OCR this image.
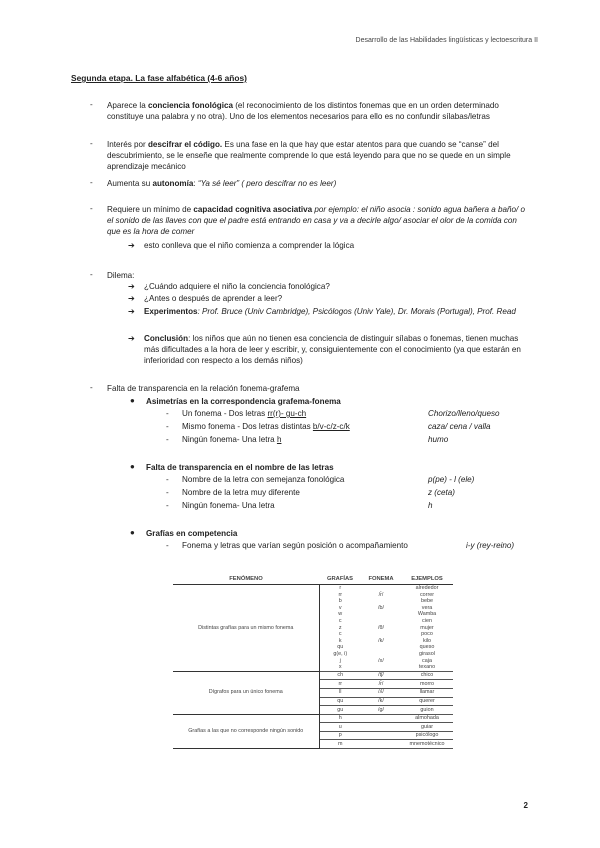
Desarrollo de las Habilidades lingüísticas y lectoescritura II
Segunda etapa. La fase alfabética (4-6 años)
- Aparece la conciencia fonológica (el reconocimiento de los distintos fonemas que en un orden determinado constituye una palabra y no otra). Uno de los elementos necesarios para ello es no confundir sílabas/letras
- Interés por descifrar el código. Es una fase en la que hay que estar atentos para que cuando se “canse” del descubrimiento, se le enseñe que realmente comprende lo que está leyendo para que no se quede en un simple aprendizaje mecánico
- Aumenta su autonomía: “Ya sé leer” ( pero descifrar no es leer)
- Requiere un mínimo de capacidad cognitiva asociativa por ejemplo: el niño asocia : sonido agua bañera a baño/ o el sonido de las llaves con que el padre está entrando en casa y va a decirle algo/ asociar el olor de la comida con que es la hora de comer
➔ esto conlleva que el niño comienza a comprender la lógica
- Dilema:
➔ ¿Cuándo adquiere el niño la conciencia fonológica?
➔ ¿Antes o después de aprender a leer?
➔ Experimentos: Prof. Bruce (Univ Cambridge), Psicólogos (Univ Yale), Dr. Morais (Portugal), Prof. Read
➔ Conclusión: los niños que aún no tienen esa conciencia de distinguir sílabas o fonemas, tienen muchas más dificultades a la hora de leer y escribir, y, consiguientemente con el conocimiento (ya que estarán en inferioridad con respecto a los demás niños)
- Falta de transparencia en la relación fonema-grafema
● Asimetrías en la correspondencia grafema-fonema
- Un fonema - Dos letras rr(r)- gu-ch	Chorizo/lleno/queso
- Mismo fonema - Dos letras distintas b/v-c/z-c/k	caza/ cena / valla
- Ningún fonema- Una letra h	humo
● Falta de transparencia en el nombre de las letras
- Nombre de la letra con semejanza fonológica	p(pe) - l (ele)
- Nombre de la letra muy diferente	z (ceta)
- Ningún fonema- Una letra	h
● Grafías en competencia
- Fonema y letras que varían según posición o acompañamiento	i-y (rey-reino)
FENÓMENO	GRAFÍAS	FONEMA	EJEMPLOS
Distintas grafías para un mismo fonema	r		alrededor
	rr	/r̄/	correr
	b		bebe
	v	/b/	vera
	w		Wamba
	c		cien
	z	/θ/	mujer
	c		poco
	k	/k/	kilo
	qu		queso
	g(e, i)		girasol
	j	/x/	caja
	x		texano
Dígrafos para un único fonema	ch	/tʃ/	chico
	rr	/r̄/	morro
	ll	/ʎ/	llamar
	qu	/k/	querer
	gu	/g/	guion
Grafías a las que no corresponde ningún sonido	h		almohada
	u		guiar
	p		psicólogo
	m		mnemotécnico
2
